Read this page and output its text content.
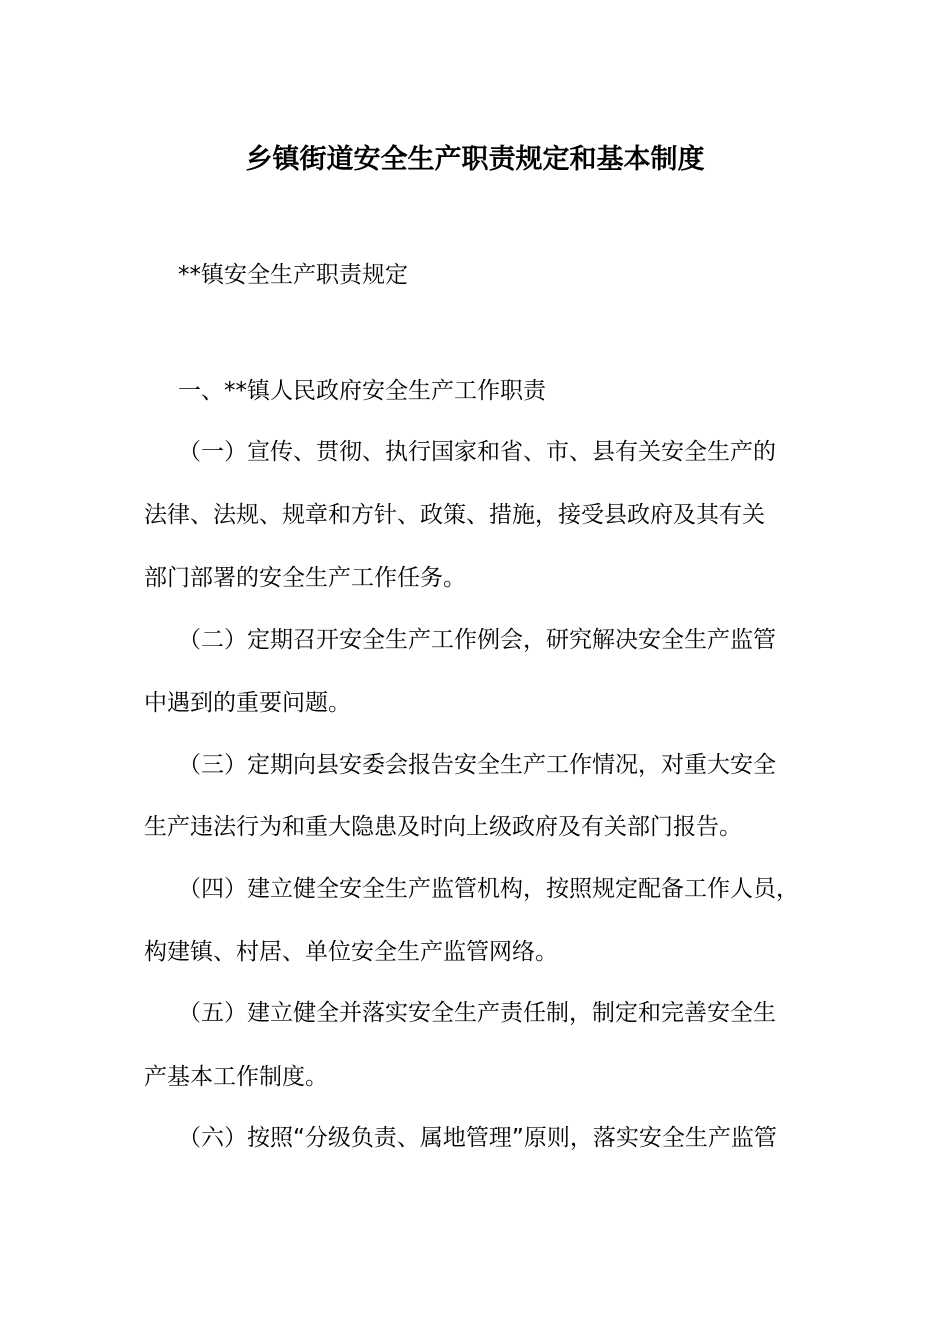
乡镇街道安全生产职责规定和基本制度
**镇安全生产职责规定
一、**镇人民政府安全生产工作职责
（一）宣传、贯彻、执行国家和省、市、县有关安全生产的
法律、法规、规章和方针、政策、措施，接受县政府及其有关
部门部署的安全生产工作任务。
（二）定期召开安全生产工作例会，研究解决安全生产监管
中遇到的重要问题。
（三）定期向县安委会报告安全生产工作情况，对重大安全
生产违法行为和重大隐患及时向上级政府及有关部门报告。
（四）建立健全安全生产监管机构，按照规定配备工作人员，
构建镇、村居、单位安全生产监管网络。
（五）建立健全并落实安全生产责任制，制定和完善安全生
产基本工作制度。
（六）按照“分级负责、属地管理”原则，落实安全生产监管
